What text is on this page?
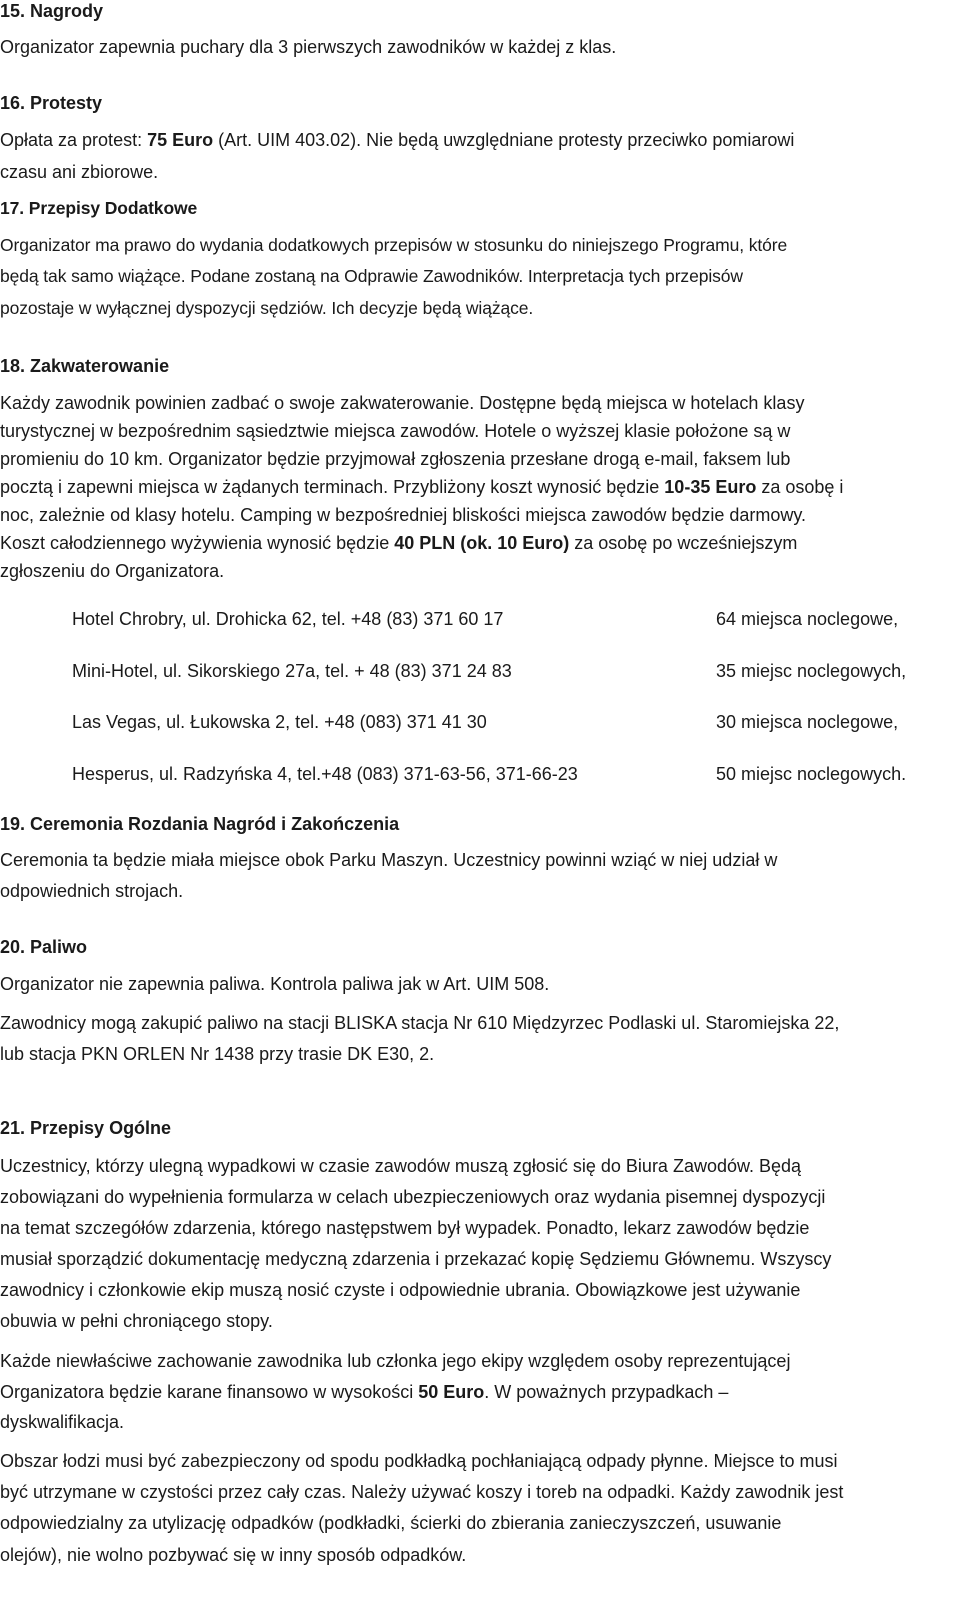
15. Nagrody
Organizator zapewnia puchary dla 3 pierwszych zawodników w każdej z klas.
16. Protesty
Opłata za protest: 75 Euro (Art. UIM 403.02). Nie będą uwzględniane protesty przeciwko pomiarowi
czasu ani zbiorowe.
17. Przepisy Dodatkowe
Organizator ma prawo do wydania dodatkowych przepisów w stosunku do niniejszego Programu, które
będą tak samo wiążące. Podane zostaną na Odprawie Zawodników. Interpretacja tych przepisów
pozostaje w wyłącznej dyspozycji sędziów. Ich decyzje będą wiążące.
18. Zakwaterowanie
Każdy zawodnik powinien zadbać o swoje zakwaterowanie. Dostępne będą miejsca w hotelach klasy
turystycznej w bezpośrednim sąsiedztwie miejsca zawodów. Hotele o wyższej klasie położone są w
promieniu do 10 km. Organizator będzie przyjmował zgłoszenia przesłane drogą e-mail, faksem lub
pocztą i zapewni miejsca w żądanych terminach. Przybliżony koszt wynosić będzie 10-35 Euro za osobę i
noc, zależnie od klasy hotelu. Camping w bezpośredniej bliskości miejsca zawodów będzie darmowy.
Koszt całodziennego wyżywienia wynosić będzie 40 PLN (ok. 10 Euro) za osobę po wcześniejszym
zgłoszeniu do Organizatora.
Hotel Chrobry, ul. Drohicka 62, tel. +48 (83) 371 60 17	64 miejsca noclegowe,
Mini-Hotel, ul. Sikorskiego 27a, tel. + 48 (83) 371 24 83	35 miejsc noclegowych,
Las Vegas, ul. Łukowska 2, tel. +48 (083) 371 41 30	30 miejsca noclegowe,
Hesperus, ul. Radzyńska 4, tel.+48 (083) 371-63-56, 371-66-23	50 miejsc noclegowych.
19. Ceremonia Rozdania Nagród i Zakończenia
Ceremonia ta będzie miała miejsce obok Parku Maszyn. Uczestnicy powinni wziąć w niej udział w
odpowiednich strojach.
20. Paliwo
Organizator nie zapewnia paliwa. Kontrola paliwa jak w Art. UIM 508.
Zawodnicy mogą zakupić paliwo na stacji BLISKA stacja Nr 610 Międzyrzec Podlaski ul. Staromiejska 22,
lub stacja PKN ORLEN Nr 1438 przy trasie DK E30, 2.
21. Przepisy Ogólne
Uczestnicy, którzy ulegną wypadkowi w czasie zawodów muszą zgłosić się do Biura Zawodów. Będą
zobowiązani do wypełnienia formularza w celach ubezpieczeniowych oraz wydania pisemnej dyspozycji
na temat szczegółów zdarzenia, którego następstwem był wypadek. Ponadto, lekarz zawodów będzie
musiał sporządzić dokumentację medyczną zdarzenia i przekazać kopię Sędziemu Głównemu. Wszyscy
zawodnicy i członkowie ekip muszą nosić czyste i odpowiednie ubrania. Obowiązkowe jest używanie
obuwia w pełni chroniącego stopy.
Każde niewłaściwe zachowanie zawodnika lub członka jego ekipy względem osoby reprezentującej
Organizatora będzie karane finansowo w wysokości 50 Euro. W poważnych przypadkach –
dyskwalifikacja.
Obszar łodzi musi być zabezpieczony od spodu podkładką pochłaniającą odpady płynne. Miejsce to musi
być utrzymane w czystości przez cały czas. Należy używać koszy i toreb na odpadki. Każdy zawodnik jest
odpowiedzialny za utylizację odpadków (podkładki, ścierki do zbierania zanieczyszczeń, usuwanie
olejów), nie wolno pozbywać się w inny sposób odpadków.
